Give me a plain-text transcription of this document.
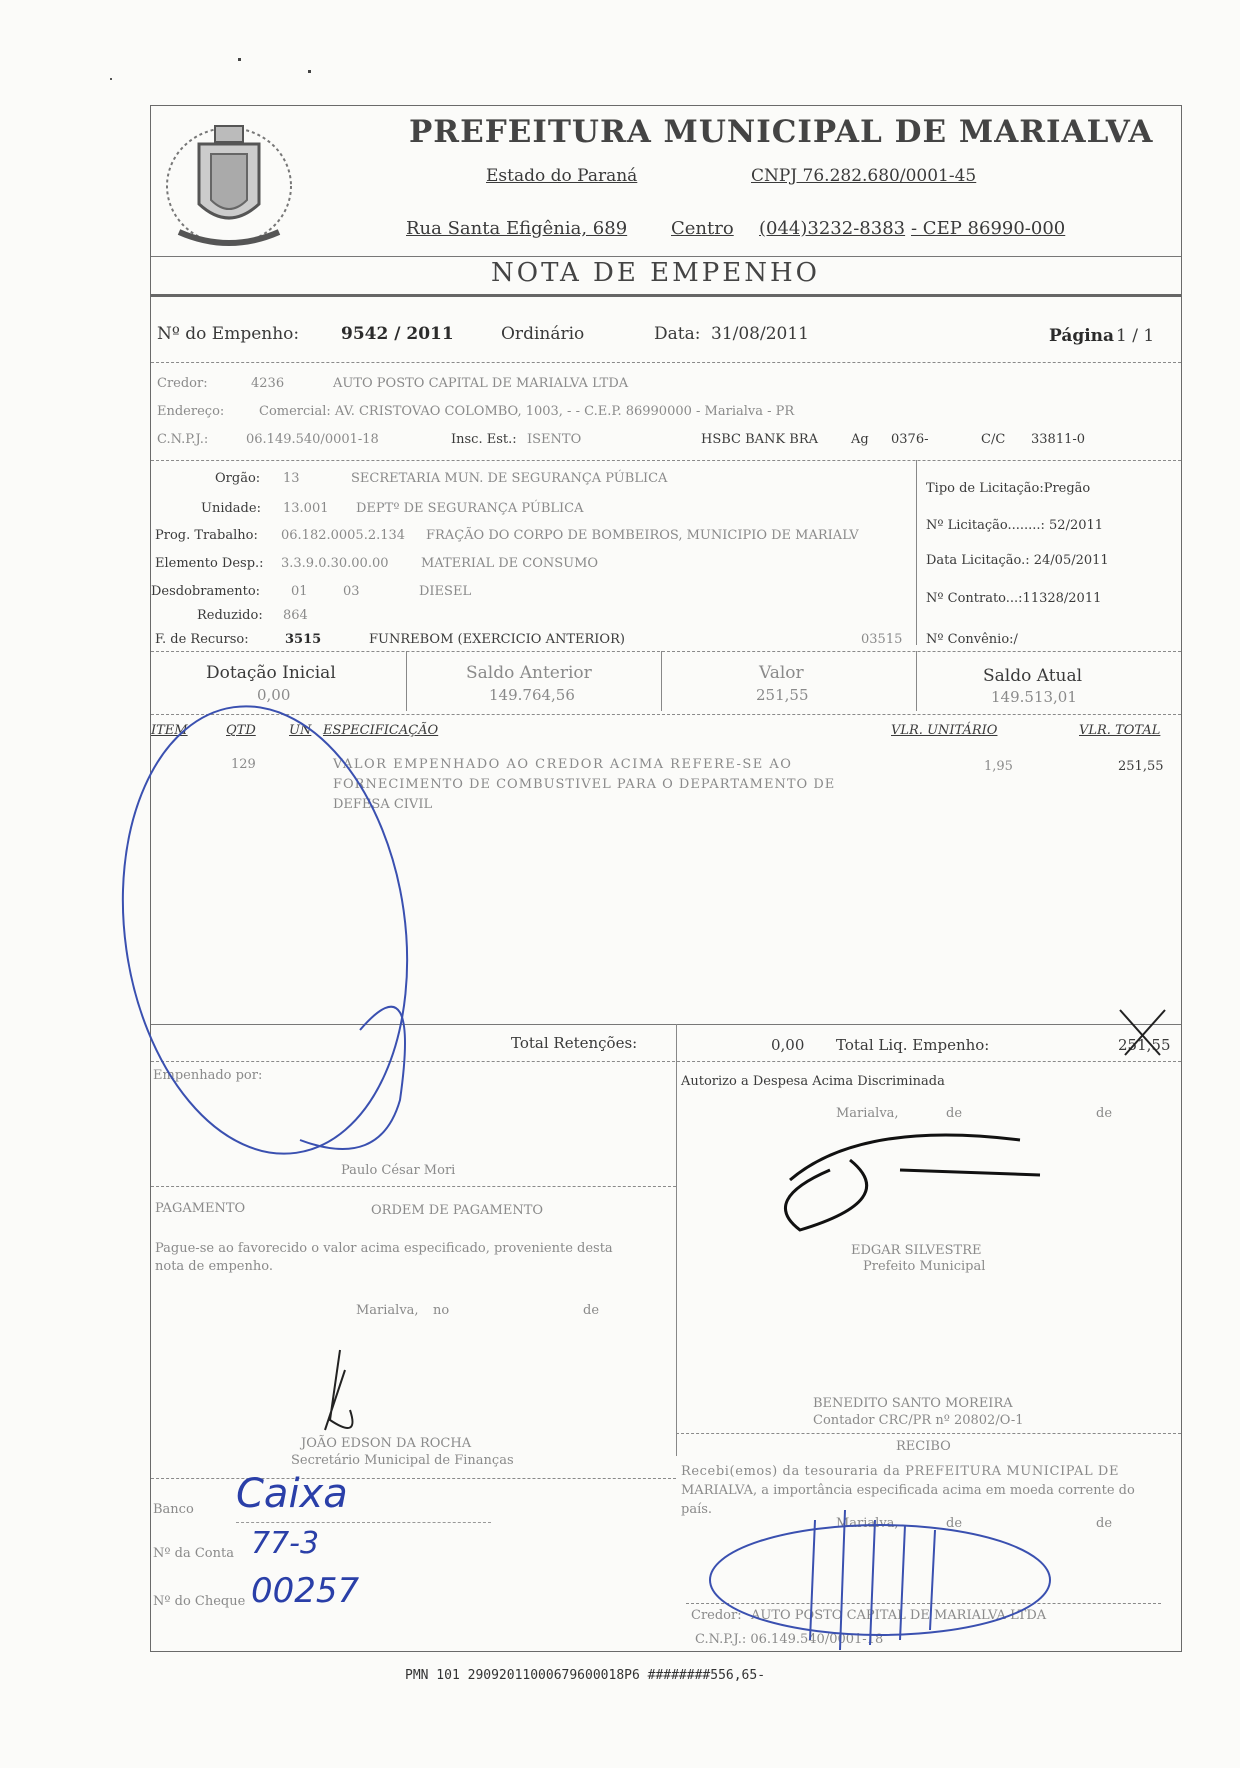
PREFEITURA MUNICIPAL DE MARIALVA
Estado do Paraná	CNPJ 76.282.680/0001-45
Rua Santa Efigênia, 689 Centro (044)3232-8383 - CEP 86990-000
NOTA DE EMPENHO
Nº do Empenho: 9542 / 2011	Ordinário	Data: 31/08/2011	Página 1 / 1
Credor:	4236	AUTO POSTO CAPITAL DE MARIALVA LTDA
Endereço:	Comercial: AV. CRISTOVAO COLOMBO, 1003, - - C.E.P. 86990000 - Marialva - PR
C.N.P.J.:	06.149.540/0001-18	Insc. Est.: ISENTO	HSBC BANK BRA	Ag 0376-	C/C 33811-0
Orgão: 13	SECRETARIA MUN. DE SEGURANÇA PÚBLICA
Unidade: 13.001 DEPTº DE SEGURANÇA PÚBLICA
Prog. Trabalho: 06.182.0005.2.134 FRAÇÃO DO CORPO DE BOMBEIROS, MUNICIPIO DE MARIALV
Elemento Desp.: 3.3.9.0.30.00.00 MATERIAL DE CONSUMO
Desdobramento: 01	03	DIESEL
Reduzido: 864
F. de Recurso:	3515	FUNREBOM (EXERCICIO ANTERIOR)	03515
Tipo de Licitação:Pregão
Nº Licitação........: 52/2011
Data Licitação.: 24/05/2011
Nº Contrato...:11328/2011
Nº Convênio:/
Dotação Inicial
0,00
Saldo Anterior
149.764,56
Valor
251,55
Saldo Atual
149.513,01
ITEM	QTD	UN ESPECIFICAÇÃO	VLR. UNITÁRIO	VLR. TOTAL
129	VALOR EMPENHADO AO CREDOR ACIMA REFERE-SE AO
FORNECIMENTO DE COMBUSTIVEL PARA O DEPARTAMENTO DE
DEFESA CIVIL
1,95	251,55
Total Retenções:	0,00 Total Liq. Empenho:	251,55
Empenhado por:	Autorizo a Despesa Acima Discriminada
Marialva,	de	de
Paulo César Mori
PAGAMENTO	ORDEM DE PAGAMENTO
Pague-se ao favorecido o valor acima especificado, proveniente desta
nota de empenho.
Marialva, no	de
EDGAR SILVESTRE
Prefeito Municipal
BENEDITO SANTO MOREIRA
Contador CRC/PR nº 20802/O-1
RECIBO
Recebi(emos) da tesouraria da PREFEITURA MUNICIPAL DE
MARIALVA, a importância especificada acima em moeda corrente do
país.
Marialva,	de	de
Credor: AUTO POSTO CAPITAL DE MARIALVA LTDA
C.N.P.J.: 06.149.540/0001-18
JOÃO EDSON DA ROCHA
Secretário Municipal de Finanças
Banco Caixa
Nº da Conta 77-3
Nº do Cheque 00257
PMN 101 29092011000679600018P6 ########556,65-
